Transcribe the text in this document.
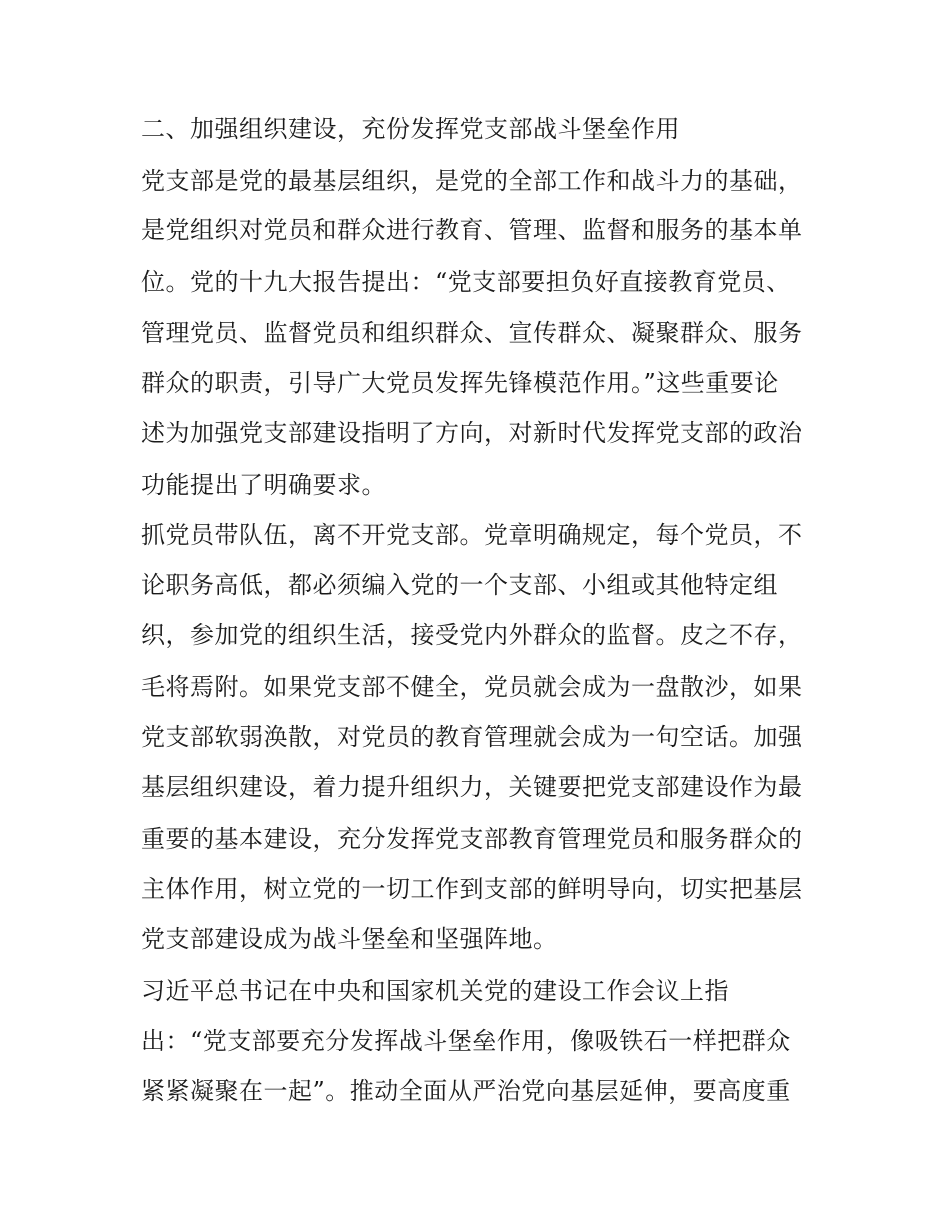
二、加强组织建设，充份发挥党支部战斗堡垒作用
党支部是党的最基层组织，是党的全部工作和战斗力的基础，
是党组织对党员和群众进行教育、管理、监督和服务的基本单
位。党的十九大报告提出：“党支部要担负好直接教育党员、
管理党员、监督党员和组织群众、宣传群众、凝聚群众、服务
群众的职责，引导广大党员发挥先锋模范作用。”这些重要论
述为加强党支部建设指明了方向，对新时代发挥党支部的政治
功能提出了明确要求。
抓党员带队伍，离不开党支部。党章明确规定，每个党员，不
论职务高低，都必须编入党的一个支部、小组或其他特定组
织，参加党的组织生活，接受党内外群众的监督。皮之不存，
毛将焉附。如果党支部不健全，党员就会成为一盘散沙，如果
党支部软弱涣散，对党员的教育管理就会成为一句空话。加强
基层组织建设，着力提升组织力，关键要把党支部建设作为最
重要的基本建设，充分发挥党支部教育管理党员和服务群众的
主体作用，树立党的一切工作到支部的鲜明导向，切实把基层
党支部建设成为战斗堡垒和坚强阵地。
习近平总书记在中央和国家机关党的建设工作会议上指
出：“党支部要充分发挥战斗堡垒作用，像吸铁石一样把群众
紧紧凝聚在一起”。推动全面从严治党向基层延伸，要高度重
